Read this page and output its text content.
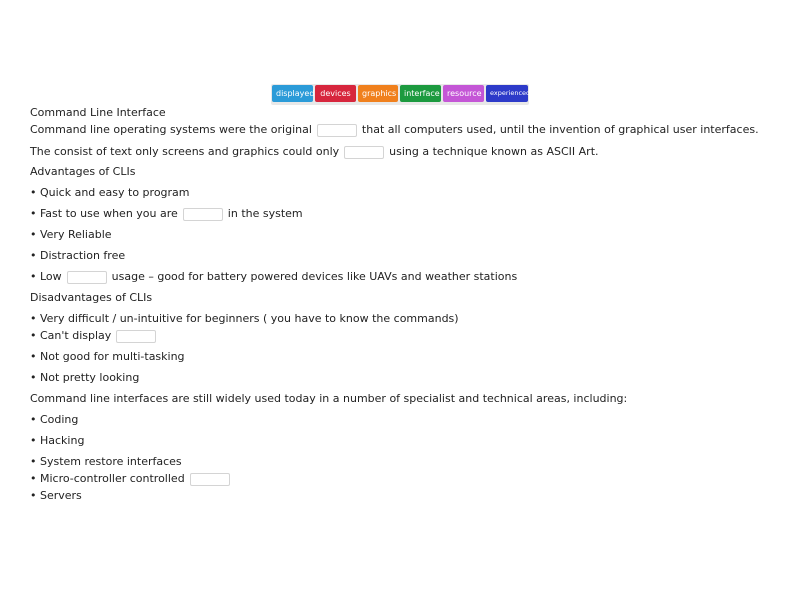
displayed devices	graphics interface resource	experienced
Command Line Interface
Command line operating systems were the original	that all computers used, until the invention of graphical user interfaces.
The consist of text only screens and graphics could only	using a technique known as ASCII Art.
Advantages of CLIs
• Quick and easy to program
• Fast to use when you are	in the system
• Very Reliable
• Distraction free
• Low	usage – good for battery powered devices like UAVs and weather stations
Disadvantages of CLIs
• Very difficult / un-intuitive for beginners ( you have to know the commands)
• Can't display
• Not good for multi-tasking
• Not pretty looking
Command line interfaces are still widely used today in a number of specialist and technical areas, including:
• Coding
• Hacking
• System restore interfaces
• Micro-controller controlled
• Servers
